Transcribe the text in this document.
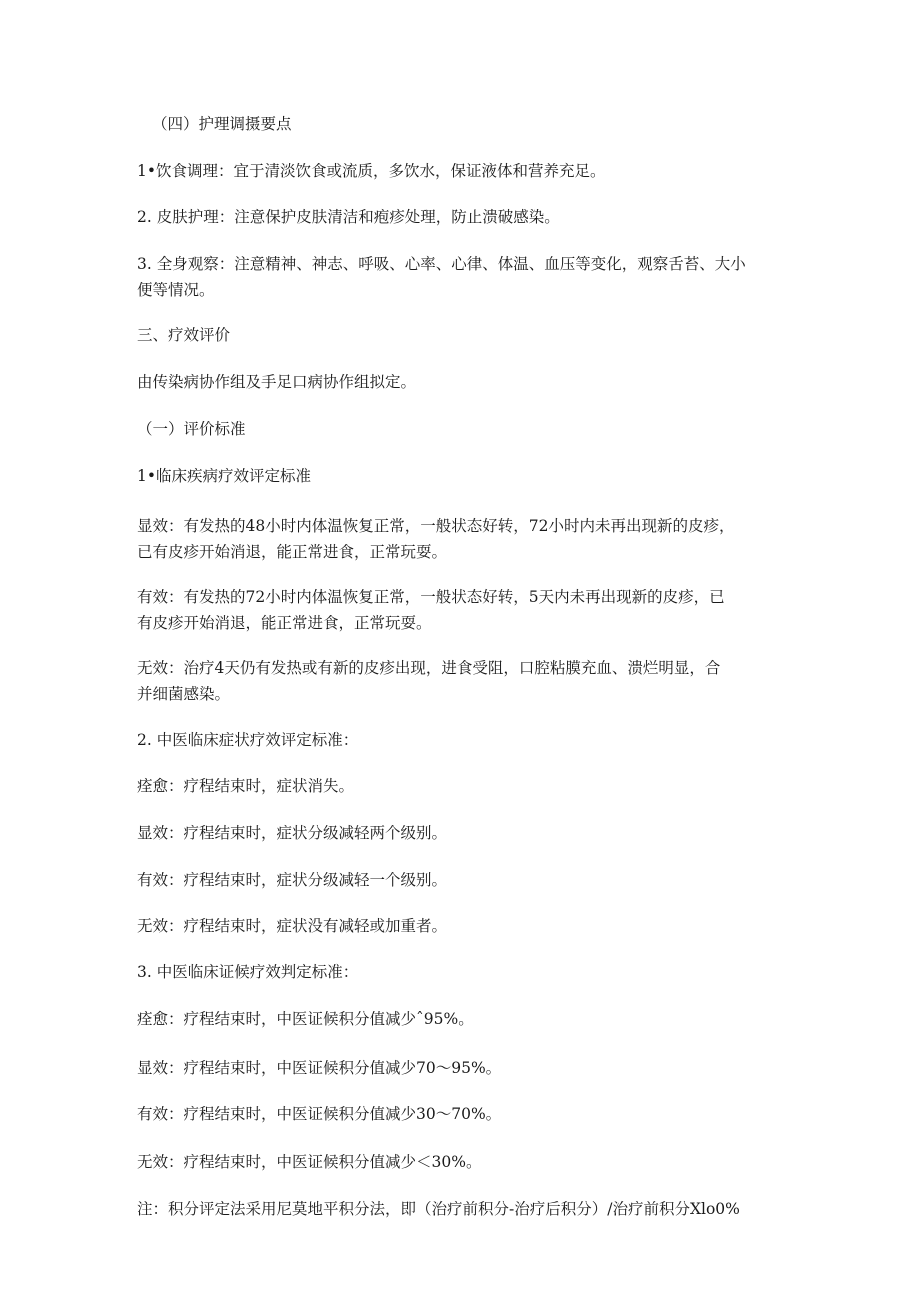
（四）护理调摄要点
1•饮食调理：宜于清淡饮食或流质，多饮水，保证液体和营养充足。
2. 皮肤护理：注意保护皮肤清洁和疱疹处理，防止溃破感染。
3. 全身观察：注意精神、神志、呼吸、心率、心律、体温、血压等变化，观察舌苔、大小
便等情况。
三、疗效评价
由传染病协作组及手足口病协作组拟定。
（一）评价标准
1•临床疾病疗效评定标准
显效：有发热的48小时内体温恢复正常，一般状态好转，72小时内未再出现新的皮疹，
已有皮疹开始消退，能正常进食，正常玩耍。
有效：有发热的72小时内体温恢复正常，一般状态好转，5天内未再出现新的皮疹，已
有皮疹开始消退，能正常进食，正常玩耍。
无效：治疗4天仍有发热或有新的皮疹出现，进食受阻，口腔粘膜充血、溃烂明显，合
并细菌感染。
2. 中医临床症状疗效评定标准：
痊愈：疗程结束时，症状消失。
显效：疗程结束时，症状分级减轻两个级别。
有效：疗程结束时，症状分级减轻一个级别。
无效：疗程结束时，症状没有减轻或加重者。
3. 中医临床证候疗效判定标准：
痊愈：疗程结束时，中医证候积分值减少ˆ95%。
显效：疗程结束时，中医证候积分值减少70～95%。
有效：疗程结束时，中医证候积分值减少30～70%。
无效：疗程结束时，中医证候积分值减少＜30%。
注：积分评定法采用尼莫地平积分法，即（治疗前积分-治疗后积分）/治疗前积分Xlo0%
